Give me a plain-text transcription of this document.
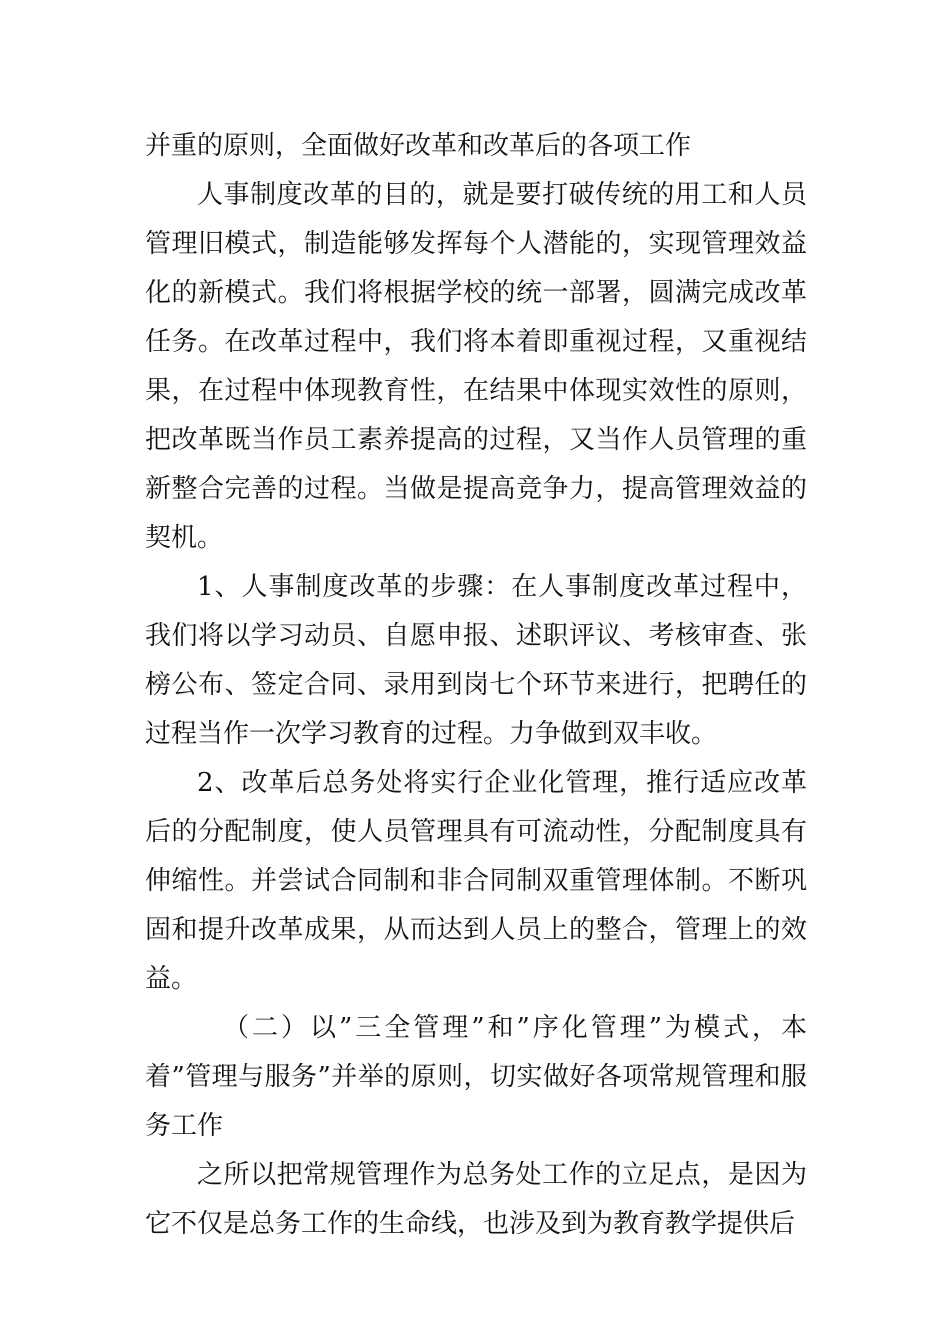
并重的原则，全面做好改革和改革后的各项工作

人事制度改革的目的，就是要打破传统的用工和人员管理旧模式，制造能够发挥每个人潜能的，实现管理效益化的新模式。我们将根据学校的统一部署，圆满完成改革任务。在改革过程中，我们将本着即重视过程，又重视结果，在过程中体现教育性，在结果中体现实效性的原则，把改革既当作员工素养提高的过程，又当作人员管理的重新整合完善的过程。当做是提高竞争力，提高管理效益的契机。

1、人事制度改革的步骤：在人事制度改革过程中，我们将以学习动员、自愿申报、述职评议、考核审查、张榜公布、签定合同、录用到岗七个环节来进行，把聘任的过程当作一次学习教育的过程。力争做到双丰收。

2、改革后总务处将实行企业化管理，推行适应改革后的分配制度，使人员管理具有可流动性，分配制度具有伸缩性。并尝试合同制和非合同制双重管理体制。不断巩固和提升改革成果，从而达到人员上的整合，管理上的效益。

（二）以”三全管理”和”序化管理”为模式，本着”管理与服务”并举的原则，切实做好各项常规管理和服务工作

之所以把常规管理作为总务处工作的立足点，是因为它不仅是总务工作的生命线，也涉及到为教育教学提供后
